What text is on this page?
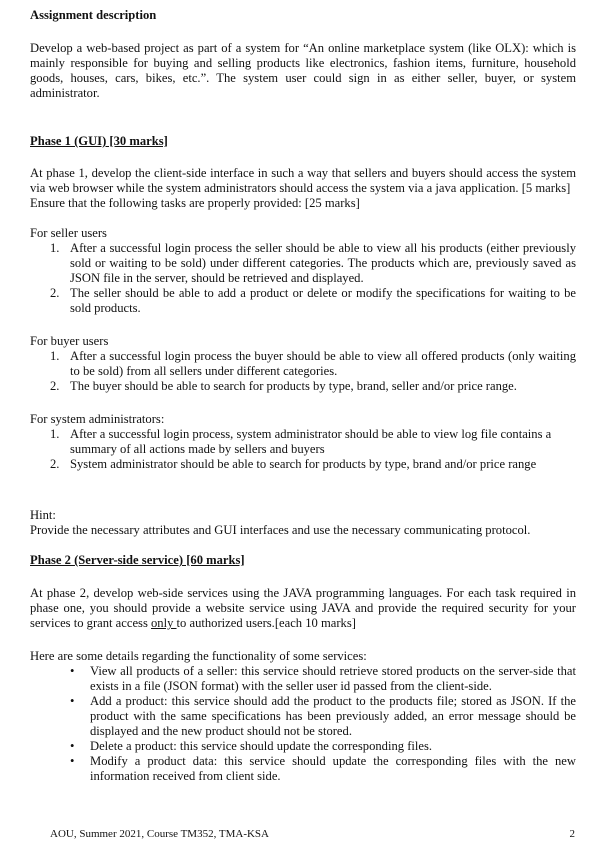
Assignment description

Develop a web-based project as part of a system for “An online marketplace system (like OLX): which is mainly responsible for buying and selling products like electronics, fashion items, furniture, household goods, houses, cars, bikes, etc.”. The system user could sign in as either seller, buyer, or system administrator.

Phase 1 (GUI) [30 marks]

At phase 1, develop the client-side interface in such a way that sellers and buyers should access the system via web browser while the system administrators should access the system via a java application. [5 marks]

Ensure that the following tasks are properly provided: [25 marks]

For seller users

1. After a successful login process the seller should be able to view all his products (either previously sold or waiting to be sold) under different categories. The products which are, previously saved as JSON file in the server, should be retrieved and displayed.
2. The seller should be able to add a product or delete or modify the specifications for waiting to be sold products.

For buyer users

1. After a successful login process the buyer should be able to view all offered products (only waiting to be sold) from all sellers under different categories.
2. The buyer should be able to search for products by type, brand, seller and/or price range.

For system administrators:

1. After a successful login process, system administrator should be able to view log file contains a summary of all actions made by sellers and buyers
2. System administrator should be able to search for products by type, brand and/or price range

Hint:

Provide the necessary attributes and GUI interfaces and use the necessary communicating protocol.

Phase 2 (Server-side service) [60 marks]

At phase 2, develop web-side services using the JAVA programming languages. For each task required in phase one, you should provide a website service using JAVA and provide the required security for your services to grant access only to authorized users.[each 10 marks]

Here are some details regarding the functionality of some services:

• View all products of a seller: this service should retrieve stored products on the server-side that exists in a file (JSON format) with the seller user id passed from the client-side.
• Add a product: this service should add the product to the products file; stored as JSON. If the product with the same specifications has been previously added, an error message should be displayed and the new product should not be stored.
• Delete a product: this service should update the corresponding files.
• Modify a product data: this service should update the corresponding files with the new information received from client side.
AOU, Summer 2021, Course TM352, TMA-KSA	2
